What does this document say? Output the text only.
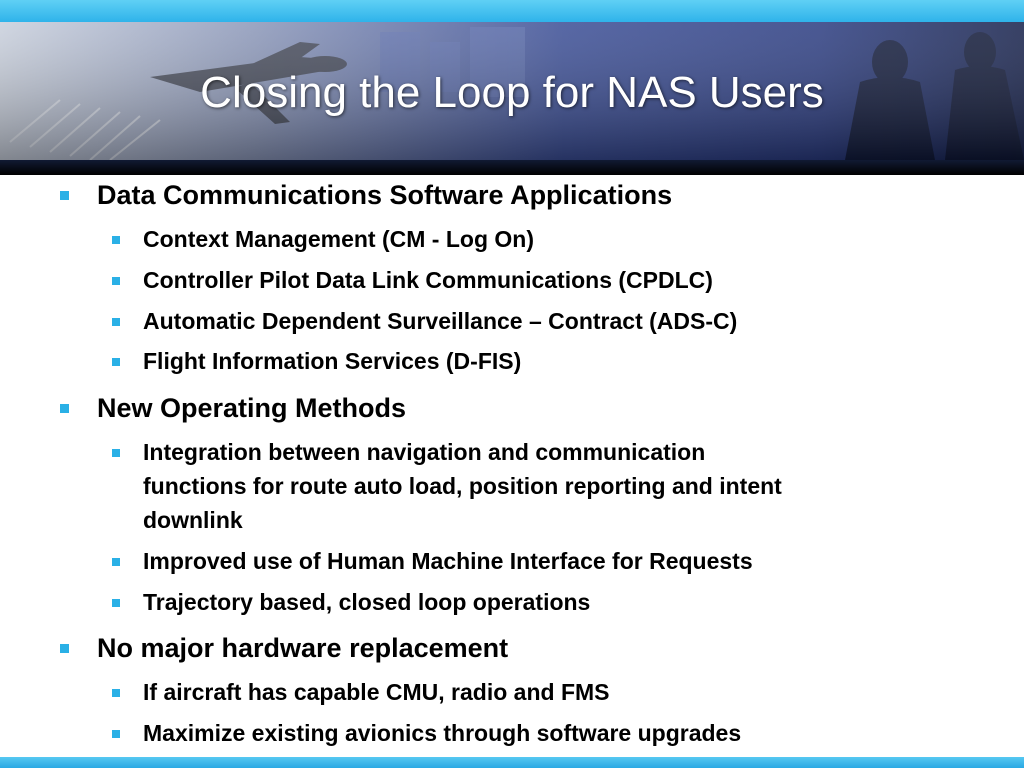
Closing the Loop for NAS Users

Data Communications Software Applications

Context Management (CM - Log On)

Controller Pilot Data Link Communications (CPDLC)

Automatic Dependent Surveillance – Contract (ADS-C)

Flight Information Services (D-FIS)

New Operating Methods

Integration between navigation and communication

functions for route auto load, position reporting and intent

downlink

Improved use of Human Machine Interface for Requests

Trajectory based, closed loop operations

No major hardware replacement

If aircraft has capable CMU, radio and FMS

Maximize existing avionics through software upgrades
